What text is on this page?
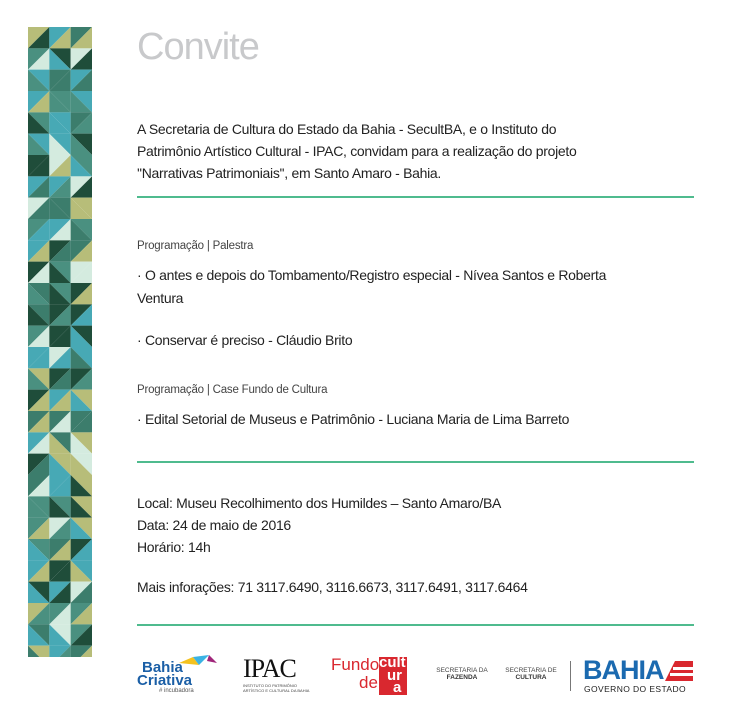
Convite
A Secretaria de Cultura do Estado da Bahia - SecultBA, e o Instituto do
Patrimônio Artístico Cultural - IPAC, convidam para a realização do projeto
''Narrativas Patrimoniais'', em Santo Amaro - Bahia.
Programação | Palestra
· O antes e depois do Tombamento/Registro especial - Nívea Santos e Roberta
Ventura
· Conservar é preciso - Cláudio Brito
Programação | Case Fundo de Cultura
· Edital Setorial de Museus e Patrimônio - Luciana Maria de Lima Barreto
Local: Museu Recolhimento dos Humildes – Santo Amaro/BA
Data: 24 de maio de 2016
Horário: 14h
Mais inforações: 71 3117.6490, 3116.6673, 3117.6491, 3117.6464
Bahia
Criativa
# incubadora
IPAC
INSTITUTO DO PATRIMÔNIO
ARTÍSTICO E CULTURAL DA BAHIA
Fundo
de
cult
ur
a
SECRETARIA DA
FAZENDA
SECRETARIA DE
CULTURA	BAHIA
GOVERNO DO ESTADO
